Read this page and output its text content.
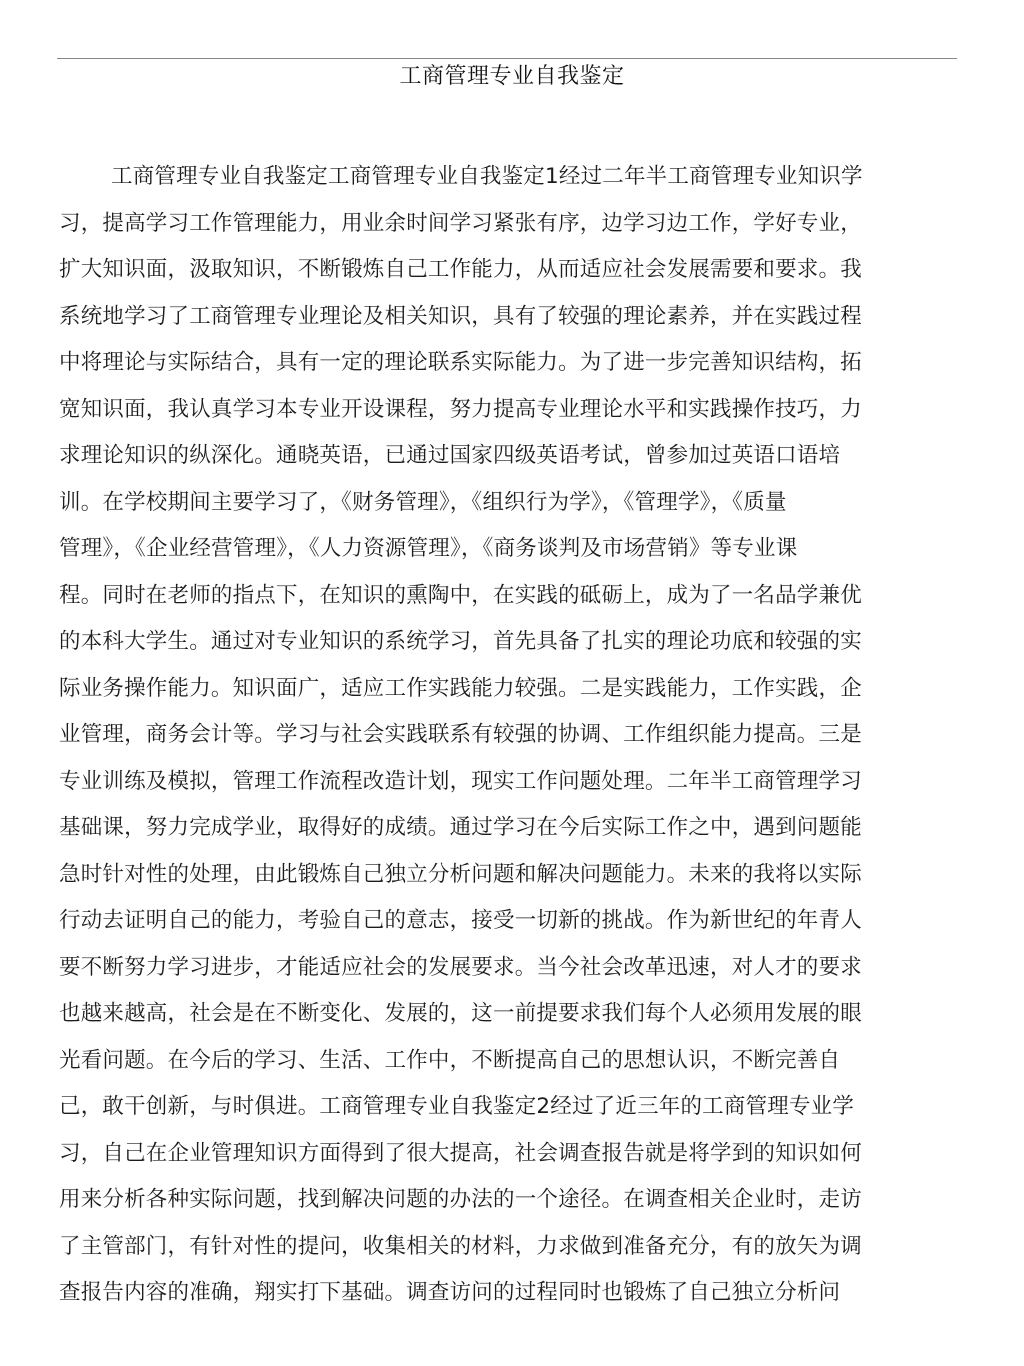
工商管理专业自我鉴定
工商管理专业自我鉴定工商管理专业自我鉴定1经过二年半工商管理专业知识学
习，提高学习工作管理能力，用业余时间学习紧张有序，边学习边工作，学好专业，
扩大知识面，汲取知识，不断锻炼自己工作能力，从而适应社会发展需要和要求。我
系统地学习了工商管理专业理论及相关知识，具有了较强的理论素养，并在实践过程
中将理论与实际结合，具有一定的理论联系实际能力。为了进一步完善知识结构，拓
宽知识面，我认真学习本专业开设课程，努力提高专业理论水平和实践操作技巧，力
求理论知识的纵深化。通晓英语，已通过国家四级英语考试，曾参加过英语口语培
训。在学校期间主要学习了，《财务管理》，《组织行为学》，《管理学》，《质量
管理》，《企业经营管理》，《人力资源管理》，《商务谈判及市场营销》等专业课
程。同时在老师的指点下，在知识的熏陶中，在实践的砥砺上，成为了一名品学兼优
的本科大学生。通过对专业知识的系统学习，首先具备了扎实的理论功底和较强的实
际业务操作能力。知识面广，适应工作实践能力较强。二是实践能力，工作实践，企
业管理，商务会计等。学习与社会实践联系有较强的协调、工作组织能力提高。三是
专业训练及模拟，管理工作流程改造计划，现实工作问题处理。二年半工商管理学习
基础课，努力完成学业，取得好的成绩。通过学习在今后实际工作之中，遇到问题能
急时针对性的处理，由此锻炼自己独立分析问题和解决问题能力。未来的我将以实际
行动去证明自己的能力，考验自己的意志，接受一切新的挑战。作为新世纪的年青人
要不断努力学习进步，才能适应社会的发展要求。当今社会改革迅速，对人才的要求
也越来越高，社会是在不断变化、发展的，这一前提要求我们每个人必须用发展的眼
光看问题。在今后的学习、生活、工作中，不断提高自己的思想认识，不断完善自
己，敢干创新，与时俱进。工商管理专业自我鉴定2经过了近三年的工商管理专业学
习，自己在企业管理知识方面得到了很大提高，社会调查报告就是将学到的知识如何
用来分析各种实际问题，找到解决问题的办法的一个途径。在调查相关企业时，走访
了主管部门，有针对性的提问，收集相关的材料，力求做到准备充分，有的放矢为调
查报告内容的准确，翔实打下基础。调查访问的过程同时也锻炼了自己独立分析问
